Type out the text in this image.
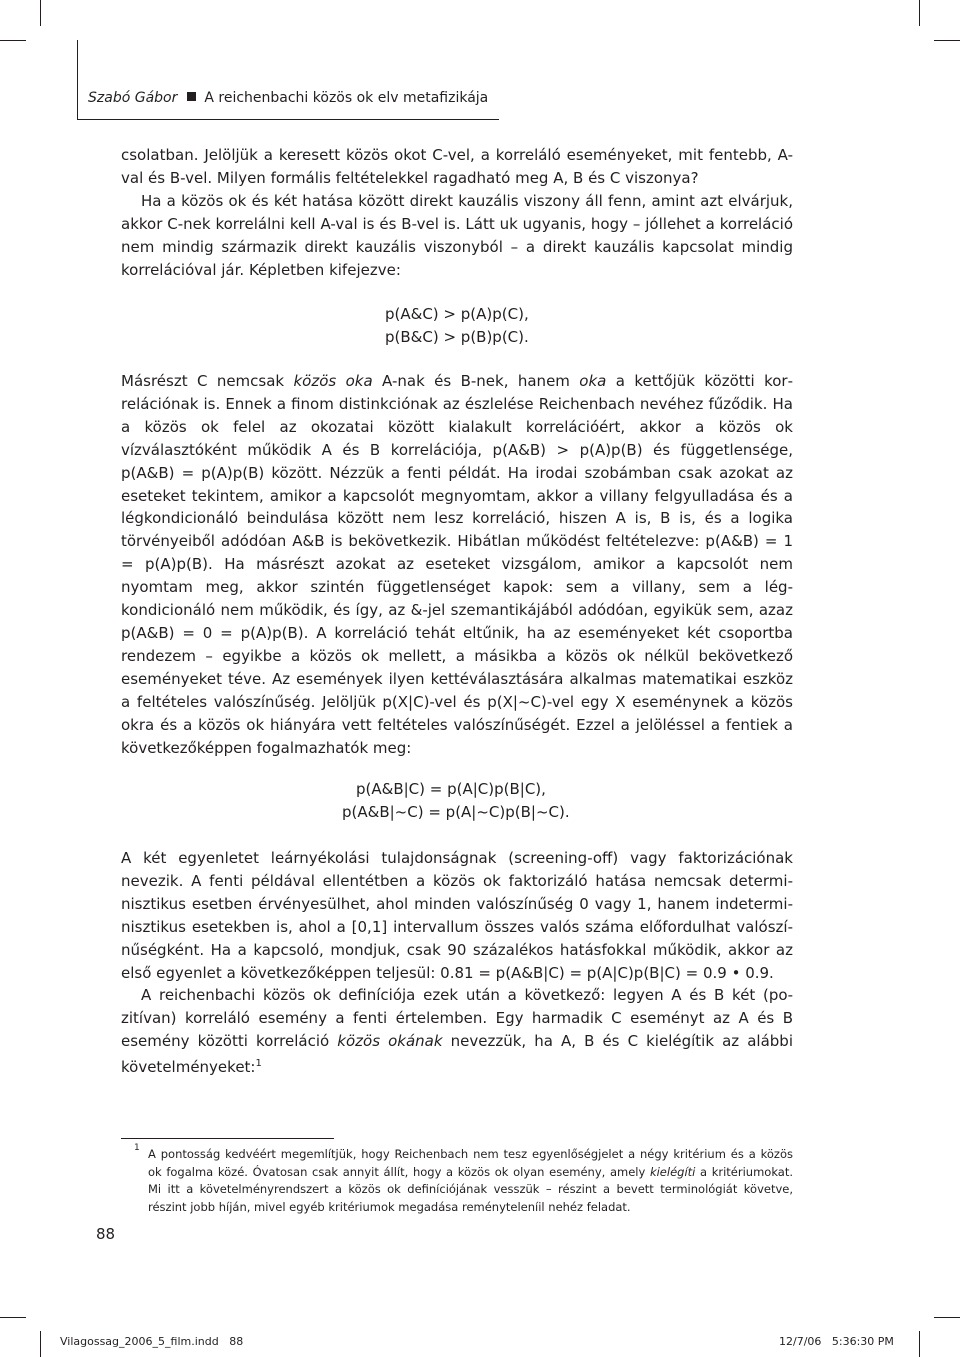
Szabó Gábor A reichenbachi közös ok elv metafizikája

csolatban. Jelöljük a keresett közös okot C-vel, a korreláló eseményeket, mit fentebb, A-val és B-vel. Milyen formális feltételekkel ragadható meg A, B és C viszonya?

Ha a közös ok és két hatása között direkt kauzális viszony áll fenn, amint azt elvárjuk, akkor C-nek korrelálni kell A-val is és B-vel is. Látt uk ugyanis, hogy – jóllehet a korreláció nem mindig származik direkt kauzális viszonyból – a direkt kauzális kapcsolat mindig korrelációval jár. Képletben kifejezve:

p(A&C) > p(A)p(C),
p(B&C) > p(B)p(C).

Másrészt C nemcsak közös oka A-nak és B-nek, hanem oka a kettőjük közötti korrelációnak is. Ennek a finom distinkciónak az észlelése Reichenbach nevéhez fűződik. Ha a közös ok felel az okozatai között kialakult korrelációért, akkor a közös ok vízválasztóként működik A és B korrelációja, p(A&B) > p(A)p(B) és függetlensége, p(A&B) = p(A)p(B) között. Nézzük a fenti példát. Ha irodai szobámban csak azokat az eseteket tekintem, amikor a kapcsolót megnyomtam, akkor a villany felgyulladása és a légkondicionáló beindulása között nem lesz korreláció, hiszen A is, B is, és a logika törvényeiből adódóan A&B is bekövetkezik. Hibátlan működést feltételezve: p(A&B) = 1 = p(A)p(B). Ha másrészt azokat az eseteket vizsgálom, amikor a kapcsolót nem nyomtam meg, akkor szintén függetlenséget kapok: sem a villany, sem a légkondicionáló nem működik, és így, az &-jel szemantikájából adódóan, egyikük sem, azaz p(A&B) = 0 = p(A)p(B). A korreláció tehát eltűnik, ha az eseményeket két csoportba rendezem – egyikbe a közös ok mellett, a másikba a közös ok nélkül bekövetkező eseményeket téve. Az események ilyen kettéválasztására alkalmas matematikai eszköz a feltételes valószínűség. Jelöljük p(X|C)-vel és p(X|~C)-vel egy X eseménynek a közös okra és a közös ok hiányára vett feltételes valószínűségét. Ezzel a jelöléssel a fentiek a következőképpen fogalmazhatók meg:

p(A&B|C) = p(A|C)p(B|C),
p(A&B|~C) = p(A|~C)p(B|~C).

A két egyenletet leárnyékolási tulajdonságnak (screening-off) vagy faktorizációnak nevezik. A fenti példával ellentétben a közös ok faktorizáló hatása nemcsak determinisztikus esetben érvényesülhet, ahol minden valószínűség 0 vagy 1, hanem indeterminisztikus esetekben is, ahol a [0,1] intervallum összes valós száma előfordulhat valószínűségként. Ha a kapcsoló, mondjuk, csak 90 százalékos hatásfokkal működik, akkor az első egyenlet a következőképpen teljesül: 0.81 = p(A&B|C) = p(A|C)p(B|C) = 0.9 • 0.9.

A reichenbachi közös ok definíciója ezek után a következő: legyen A és B két (pozitívan) korreláló esemény a fenti értelemben. Egy harmadik C eseményt az A és B esemény közötti korreláció közös okának nevezzük, ha A, B és C kielégítik az alábbi követelményeket:$^1$

1 A pontosság kedvéért megemlítjük, hogy Reichenbach nem tesz egyenlőségjelet a négy kritérium és a közös ok fogalma közé. Óvatosan csak annyit állít, hogy a közös ok olyan esemény, amely kielégíti a kritériumokat. Mi itt a követelményrendszert a közös ok definíciójának vesszük – részint a bevett terminológiát követve, részint jobb híján, mivel egyéb kritériumok megadása reményteleníil nehéz feladat.
88
Vilagossag_2006_5_film.indd   88	12/7/06   5:36:30 PM
